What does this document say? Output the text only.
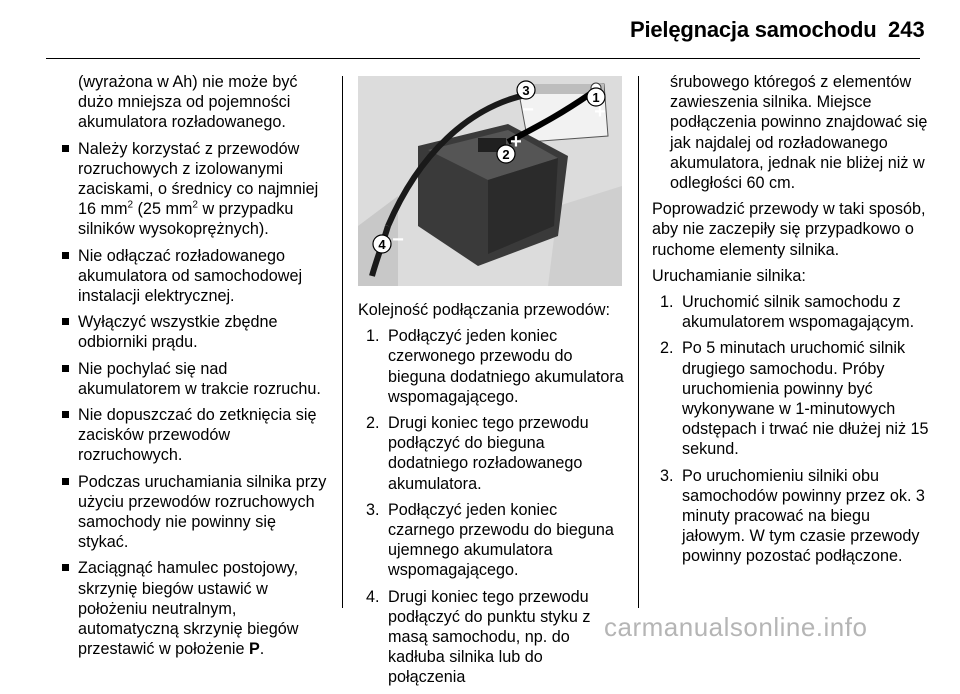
Pielęgnacja samochodu 243

(wyrażona w Ah) nie może być dużo mniejsza od pojemności akumulatora rozładowanego.

Należy korzystać z przewodów rozruchowych z izolowanymi zaciskami, o średnicy co najmniej 16 $mm^2$ (25 $mm^2$ w przypadku silników wysokoprężnych).
Nie odłączać rozładowanego akumulatora od samochodowej instalacji elektrycznej.
Wyłączyć wszystkie zbędne odbiorniki prądu.
Nie pochylać się nad akumulatorem w trakcie rozruchu.
Nie dopuszczać do zetknięcia się zacisków przewodów rozruchowych.
Podczas uruchamiania silnika przy użyciu przewodów rozruchowych samochody nie powinny się stykać.
Zaciągnąć hamulec postojowy, skrzynię biegów ustawić w położeniu neutralnym, automatyczną skrzynię biegów przestawić w położenie P.
1
2
3
4
+
+
−
−

Kolejność podłączania przewodów:

1. Podłączyć jeden koniec czerwonego przewodu do bieguna dodatniego akumulatora wspomagającego.
2. Drugi koniec tego przewodu podłączyć do bieguna dodatniego rozładowanego akumulatora.
3. Podłączyć jeden koniec czarnego przewodu do bieguna ujemnego akumulatora wspomagającego.
4. Drugi koniec tego przewodu podłączyć do punktu styku z masą samochodu, np. do kadłuba silnika lub do połączenia

śrubowego któregoś z elementów zawieszenia silnika. Miejsce podłączenia powinno znajdować się jak najdalej od rozładowanego akumulatora, jednak nie bliżej niż w odległości 60 cm.

Poprowadzić przewody w taki sposób, aby nie zaczepiły się przypadkowo o ruchome elementy silnika.

Uruchamianie silnika:

1. Uruchomić silnik samochodu z akumulatorem wspomagającym.
2. Po 5 minutach uruchomić silnik drugiego samochodu. Próby uruchomienia powinny być wykonywane w 1-minutowych odstępach i trwać nie dłużej niż 15 sekund.
3. Po uruchomieniu silniki obu samochodów powinny przez ok. 3 minuty pracować na biegu jałowym. W tym czasie przewody powinny pozostać podłączone.
carmanualsonline.info
